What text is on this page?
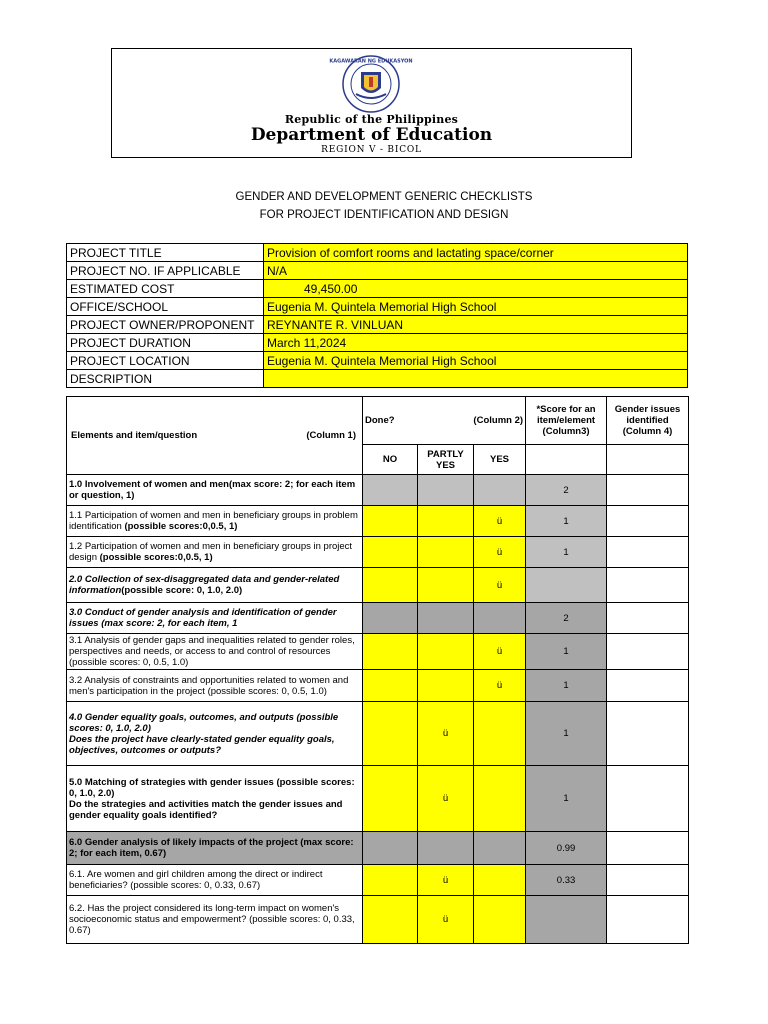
KAGAWARAN NG EDUKASYON
Republic of the Philippines
Department of Education
REGION V - BICOL
GENDER AND DEVELOPMENT GENERIC CHECKLISTS
FOR PROJECT IDENTIFICATION AND DESIGN
PROJECT TITLE	Provision of comfort rooms and lactating space/corner
PROJECT NO. IF APPLICABLE	N/A
ESTIMATED COST	49,450.00
OFFICE/SCHOOL	Eugenia M. Quintela Memorial High School
PROJECT OWNER/PROPONENT	REYNANTE R. VINLUAN
PROJECT DURATION	March 11,2024
PROJECT LOCATION	Eugenia M. Quintela Memorial High School
DESCRIPTION	
Elements and item/question (Column 1)	Done? (Column 2)			*Score for an item/element (Column3)	Gender issues identified (Column 4)
	NO	PARTLY YES	YES		
1.0 Involvement of women and men(max score: 2; for each item or question, 1)				2	
1.1 Participation of women and men in beneficiary groups in problem identification (possible scores:0,0.5, 1)			ü	1	
1.2 Participation of women and men in beneficiary groups in project design (possible scores:0,0.5, 1)			ü	1	
2.0 Collection of sex-disaggregated data and gender-related information(possible score: 0, 1.0, 2.0)			ü		
3.0 Conduct of gender analysis and identification of gender issues (max score: 2, for each item, 1				2	
3.1 Analysis of gender gaps and inequalities related to gender roles, perspectives and needs, or access to and control of resources (possible scores: 0, 0.5, 1.0)			ü	1	
3.2 Analysis of constraints and opportunities related to women and men's participation in the project (possible scores: 0, 0.5, 1.0)			ü	1	
4.0 Gender equality goals, outcomes, and outputs (possible scores: 0, 1.0, 2.0)
Does the project have clearly-stated gender equality goals, objectives, outcomes or outputs?		ü		1	
5.0 Matching of strategies with gender issues (possible scores: 0, 1.0, 2.0)
Do the strategies and activities match the gender issues and gender equality goals identified?		ü		1	
6.0 Gender analysis of likely impacts of the project (max score: 2; for each item, 0.67)				0.99	
6.1. Are women and girl children among the direct or indirect beneficiaries? (possible scores: 0, 0.33, 0.67)		ü		0.33	
6.2. Has the project considered its long-term impact on women's socioeconomic status and empowerment? (possible scores: 0, 0.33, 0.67)		ü			
